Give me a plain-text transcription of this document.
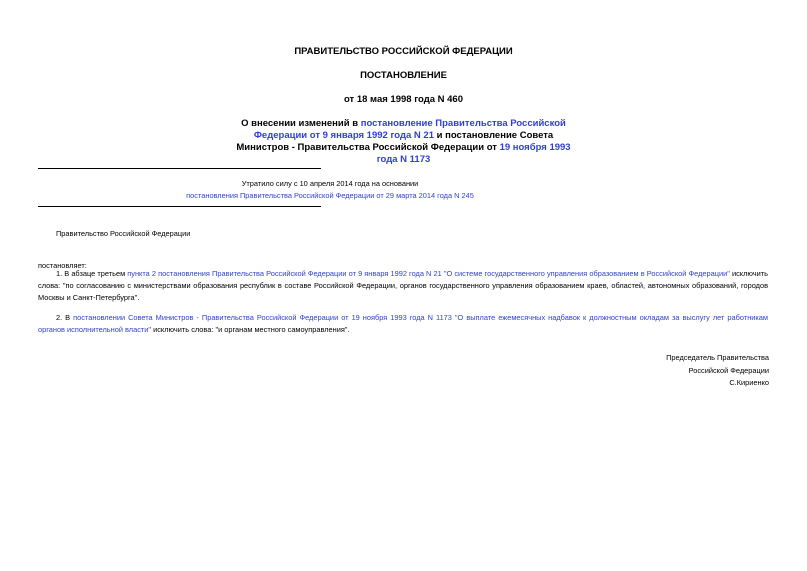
ПРАВИТЕЛЬСТВО РОССИЙСКОЙ ФЕДЕРАЦИИ
ПОСТАНОВЛЕНИЕ
от 18 мая 1998 года N 460
О внесении изменений в постановление Правительства Российской Федерации от 9 января 1992 года N 21 и постановление Совета Министров - Правительства Российской Федерации от 19 ноября 1993 года N 1173
Утратило силу с 10 апреля 2014 года на основании
постановления Правительства Российской Федерации от 29 марта 2014 года N 245
Правительство Российской Федерации
постановляет:
1. В абзаце третьем пункта 2 постановления Правительства Российской Федерации от 9 января 1992 года N 21 "О системе государственного управления образованием в Российской Федерации" исключить слова: "по согласованию с министерствами образования республик в составе Российской Федерации, органов государственного управления образованием краев, областей, автономных образований, городов Москвы и Санкт-Петербурга".
2. В постановлении Совета Министров - Правительства Российской Федерации от 19 ноября 1993 года N 1173 "О выплате ежемесячных надбавок к должностным окладам за выслугу лет работникам органов исполнительной власти" исключить слова: "и органам местного самоуправления".
Председатель Правительства
Российской Федерации
С.Кириенко
